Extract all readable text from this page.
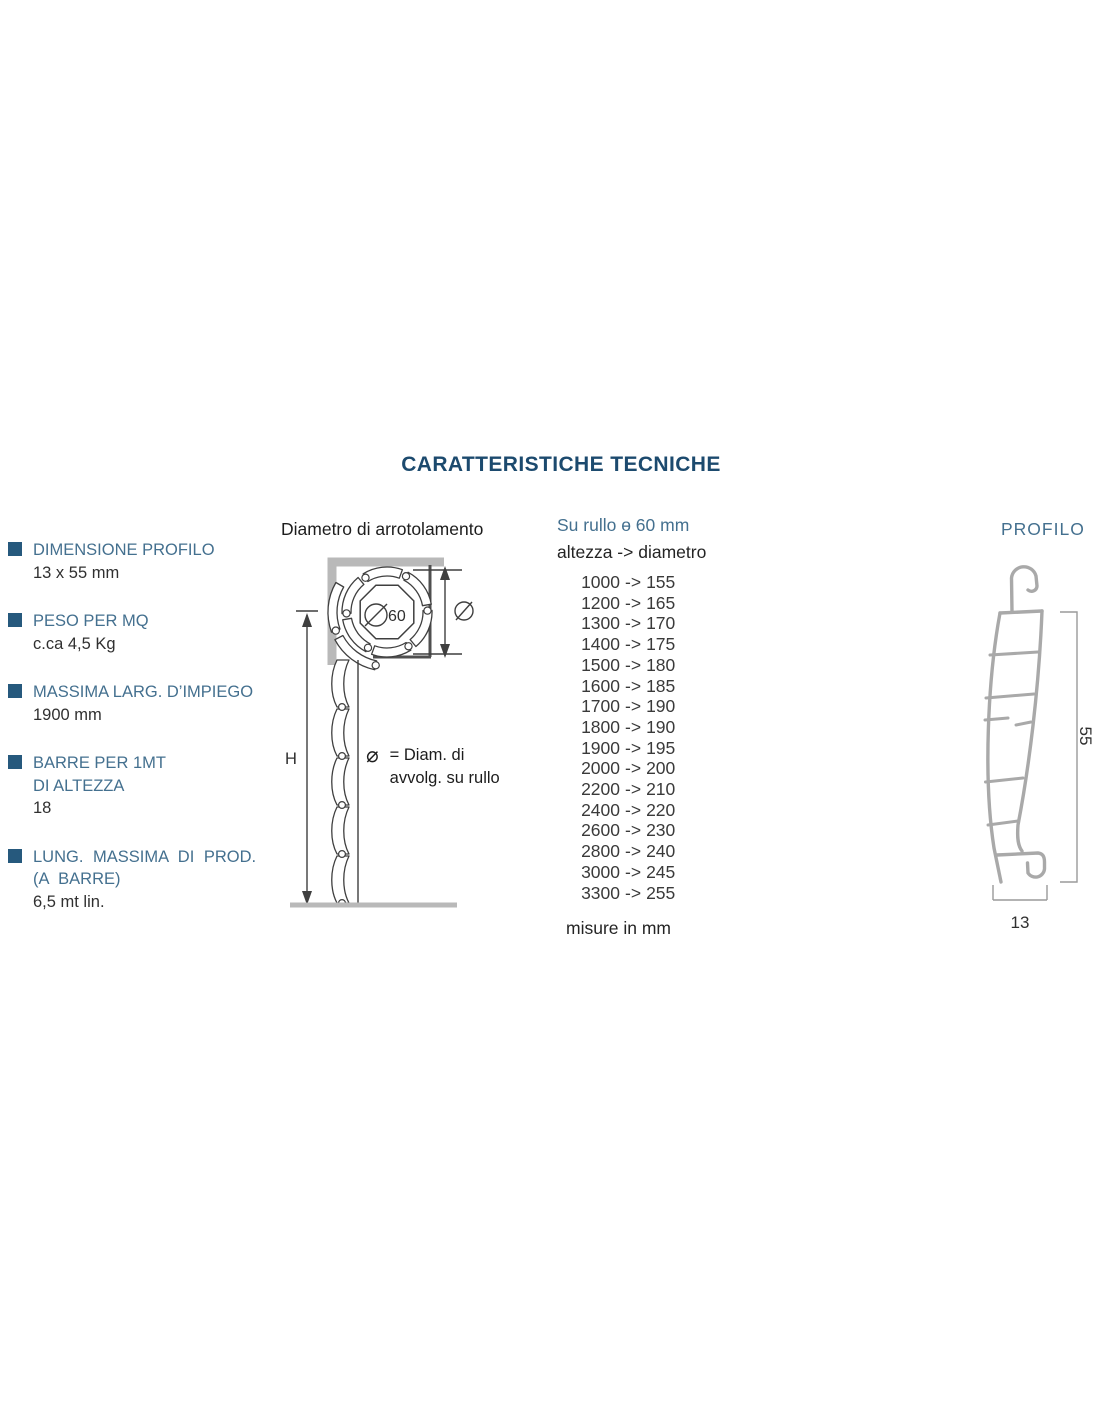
CARATTERISTICHE TECNICHE
DIMENSIONE PROFILO
13 x 55 mm
PESO PER MQ
c.ca 4,5 Kg
MASSIMA LARG. D’IMPIEGO
1900 mm
BARRE PER 1MT
DI ALTEZZA
18
LUNG. MASSIMA DI PROD.
(A BARRE)
6,5 mt lin.
Diametro di arrotolamento
60
H	⌀ = Diam. di
avvolg. su rullo
Su rullo ɵ 60 mm
altezza -> diametro
1000 -> 155
1200 -> 165
1300 -> 170
1400 -> 175
1500 -> 180
1600 -> 185
1700 -> 190
1800 -> 190
1900 -> 195
2000 -> 200
2200 -> 210
2400 -> 220
2600 -> 230
2800 -> 240
3000 -> 245
3300 -> 255
misure in mm
PROFILO
55
13
